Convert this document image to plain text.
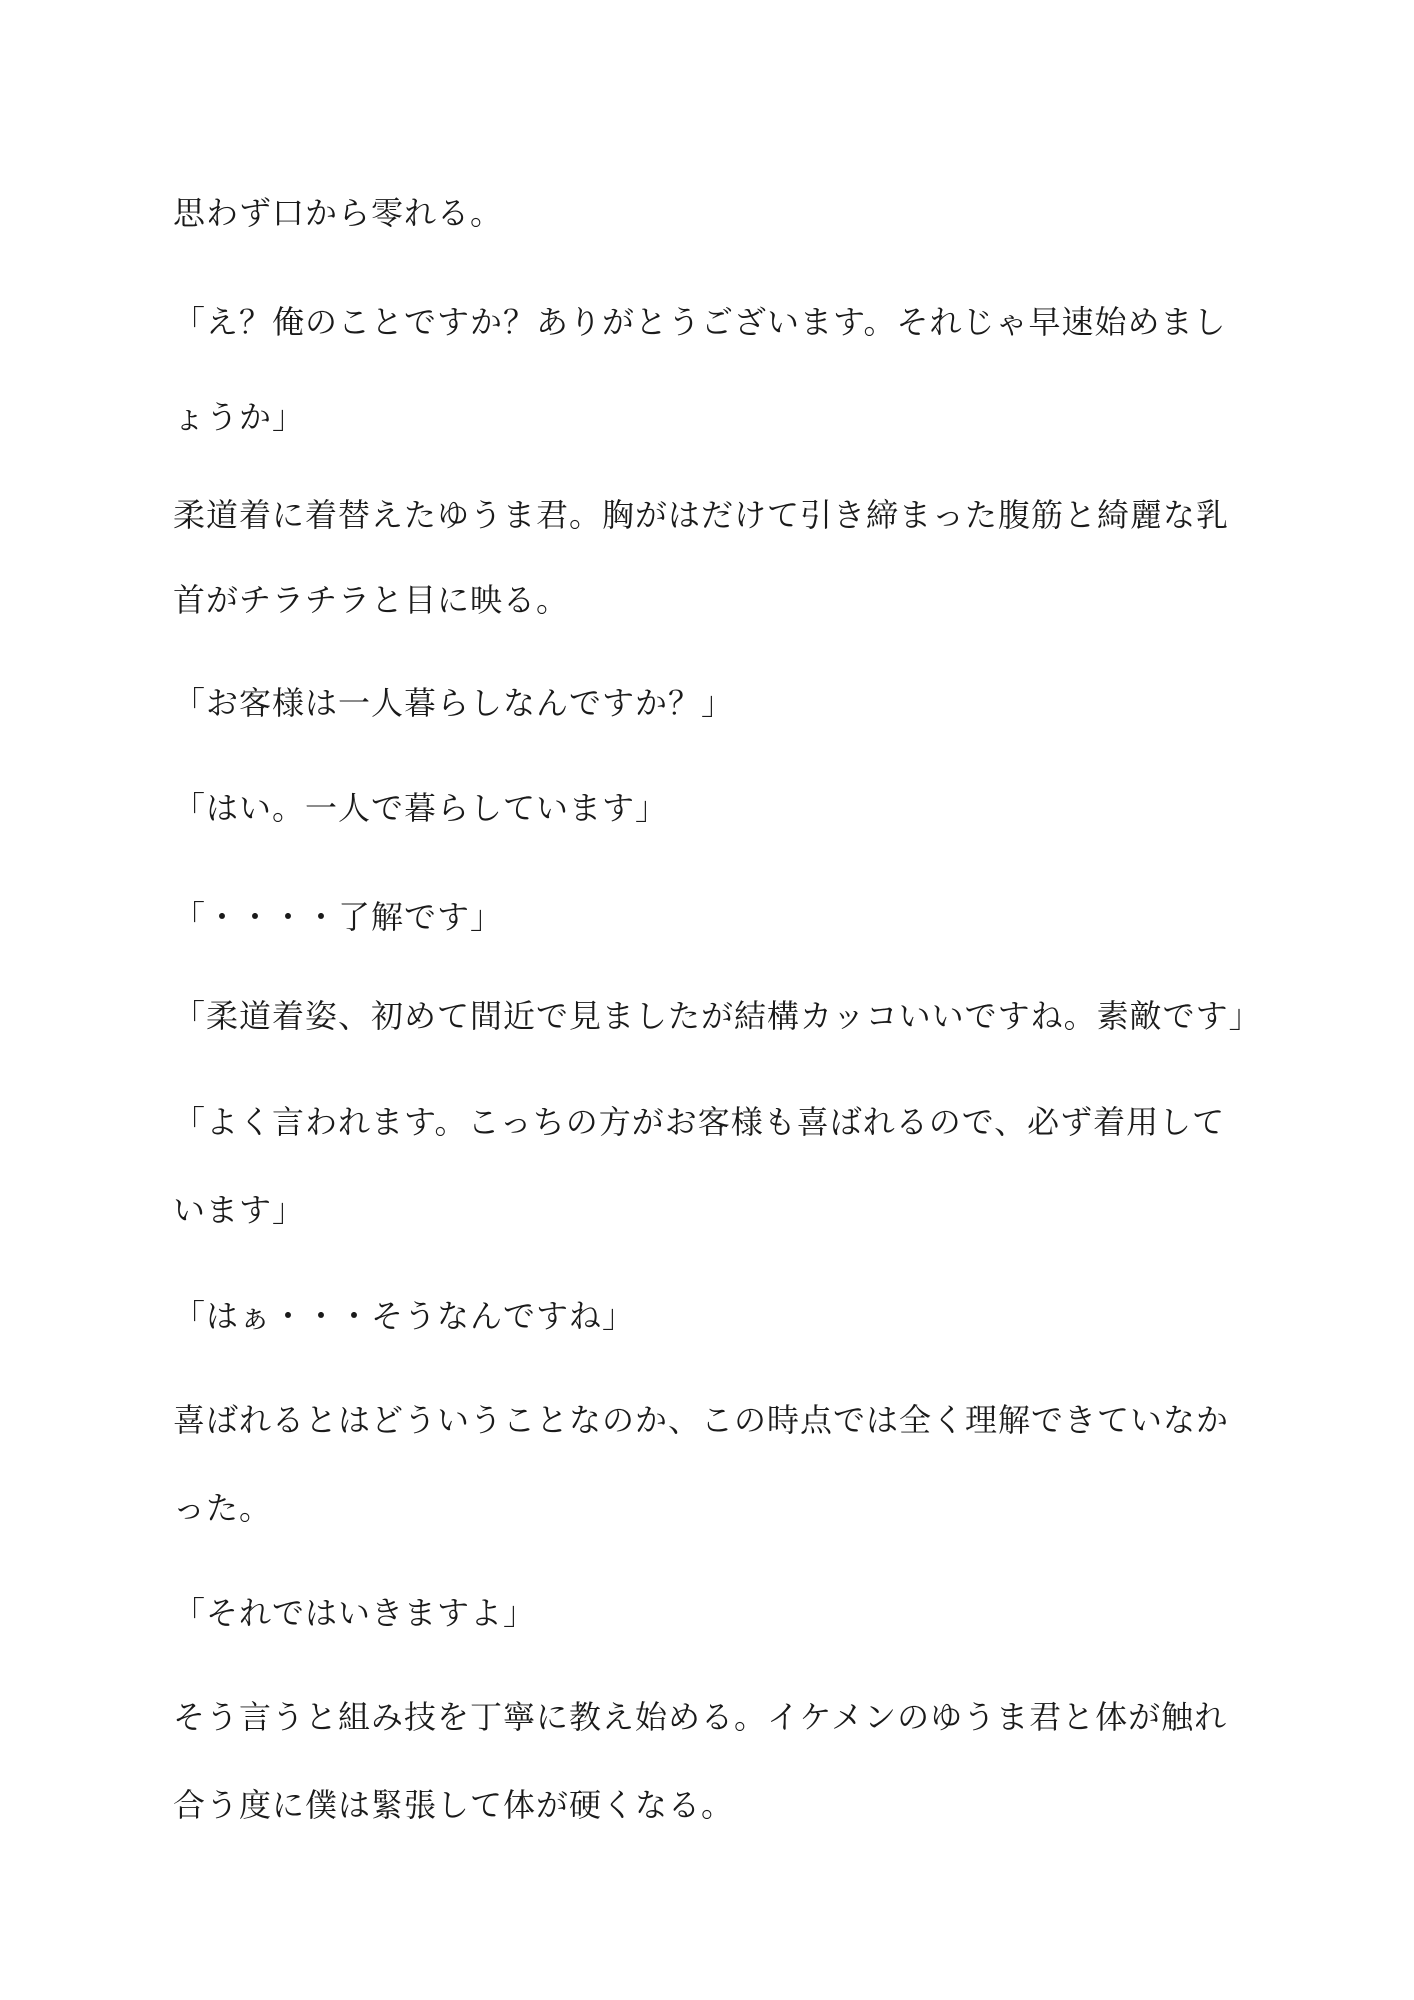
思わず口から零れる。
「え？俺のことですか？ありがとうございます。それじゃ早速始めまし
ょうか」
柔道着に着替えたゆうま君。胸がはだけて引き締まった腹筋と綺麗な乳
首がチラチラと目に映る。
「お客様は一人暮らしなんですか？」
「はい。一人で暮らしています」
「・・・・了解です」
「柔道着姿、初めて間近で見ましたが結構カッコいいですね。素敵です」
「よく言われます。こっちの方がお客様も喜ばれるので、必ず着用して
います」
「はぁ・・・そうなんですね」
喜ばれるとはどういうことなのか、この時点では全く理解できていなか
った。
「それではいきますよ」
そう言うと組み技を丁寧に教え始める。イケメンのゆうま君と体が触れ
合う度に僕は緊張して体が硬くなる。
